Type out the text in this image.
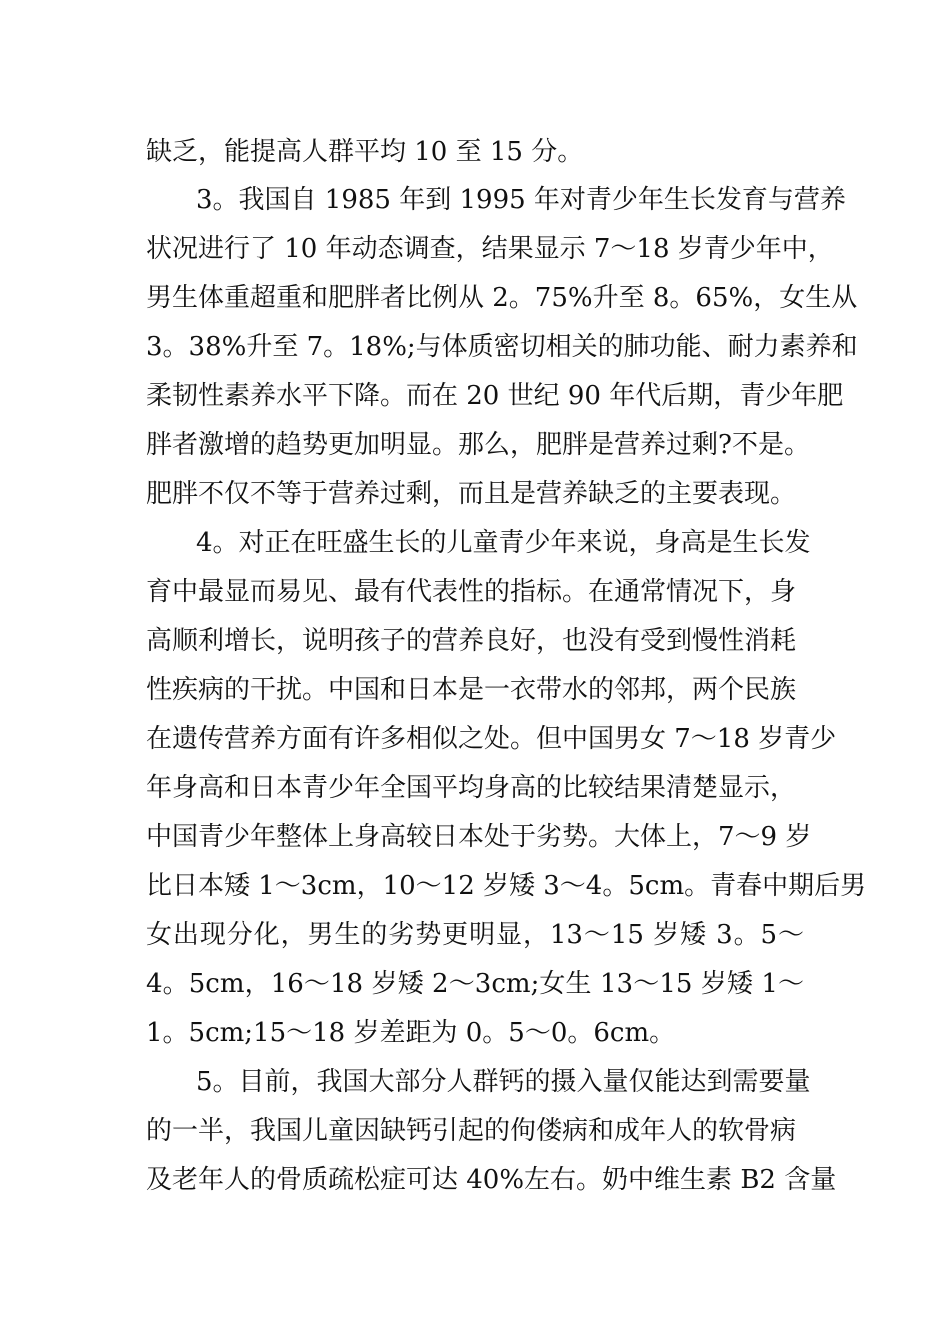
缺乏，能提高人群平均 10 至 15 分。
3。我国自 1985 年到 1995 年对青少年生长发育与营养
状况进行了 10 年动态调查，结果显示 7～18 岁青少年中，
男生体重超重和肥胖者比例从 2。75%升至 8。65%，女生从
3。38%升至 7。18%;与体质密切相关的肺功能、耐力素养和
柔韧性素养水平下降。而在 20 世纪 90 年代后期，青少年肥
胖者激增的趋势更加明显。那么，肥胖是营养过剩?不是。
肥胖不仅不等于营养过剩，而且是营养缺乏的主要表现。
4。对正在旺盛生长的儿童青少年来说，身高是生长发
育中最显而易见、最有代表性的指标。在通常情况下，身
高顺利增长，说明孩子的营养良好，也没有受到慢性消耗
性疾病的干扰。中国和日本是一衣带水的邻邦，两个民族
在遗传营养方面有许多相似之处。但中国男女 7～18 岁青少
年身高和日本青少年全国平均身高的比较结果清楚显示，
中国青少年整体上身高较日本处于劣势。大体上，7～9 岁
比日本矮 1～3cm，10～12 岁矮 3～4。5cm。青春中期后男
女出现分化，男生的劣势更明显，13～15 岁矮 3。5～
4。5cm，16～18 岁矮 2～3cm;女生 13～15 岁矮 1～
1。5cm;15～18 岁差距为 0。5～0。6cm。
5。目前，我国大部分人群钙的摄入量仅能达到需要量
的一半，我国儿童因缺钙引起的佝偻病和成年人的软骨病
及老年人的骨质疏松症可达 40%左右。奶中维生素 B2 含量
